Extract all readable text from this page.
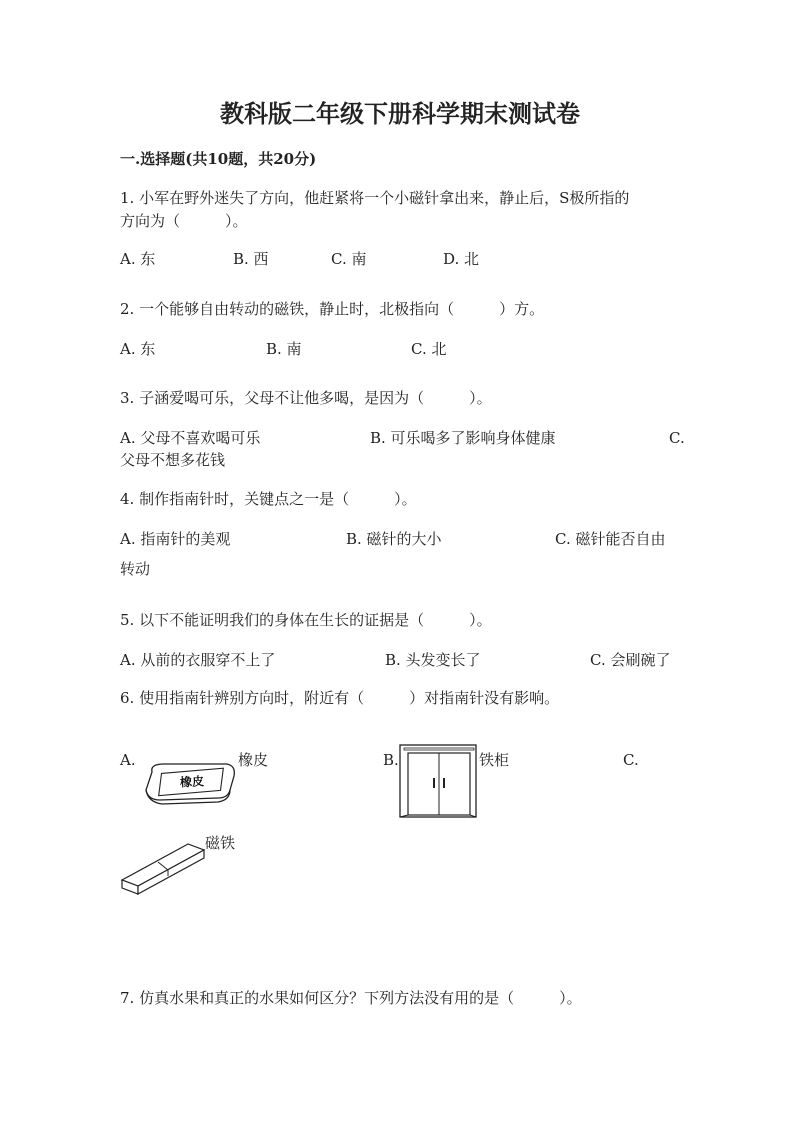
教科版二年级下册科学期末测试卷
一.选择题(共10题，共20分)
1. 小军在野外迷失了方向，他赶紧将一个小磁针拿出来，静止后，S极所指的
方向为（　　　）。
A. 东	B. 西	C. 南	D. 北
2. 一个能够自由转动的磁铁，静止时，北极指向（　　　）方。
A. 东	B. 南	C. 北
3. 子涵爱喝可乐，父母不让他多喝，是因为（　　　）。
A. 父母不喜欢喝可乐	B. 可乐喝多了影响身体健康	C.
父母不想多花钱
4. 制作指南针时，关键点之一是（　　　）。
A. 指南针的美观	B. 磁针的大小	C. 磁针能否自由
转动
5. 以下不能证明我们的身体在生长的证据是（　　　）。
A. 从前的衣服穿不上了	B. 头发变长了	C. 会刷碗了
6. 使用指南针辨别方向时，附近有（　　　）对指南针没有影响。
A.	橡皮	B.	铁柜	C.
磁铁
橡皮
7. 仿真水果和真正的水果如何区分？下列方法没有用的是（　　　）。
